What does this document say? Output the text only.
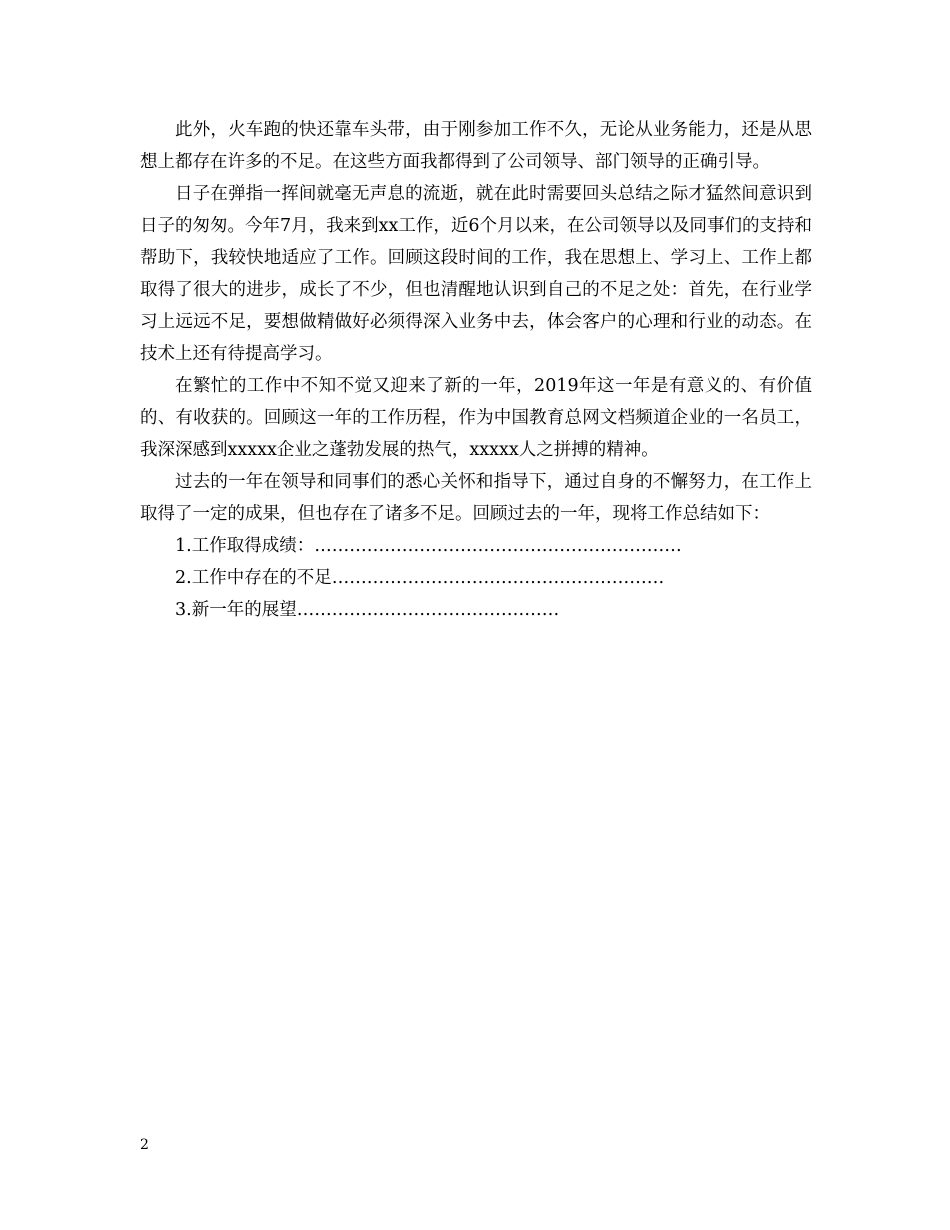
此外，火车跑的快还靠车头带，由于刚参加工作不久，无论从业务能力，还是从思想上都存在许多的不足。在这些方面我都得到了公司领导、部门领导的正确引导。

日子在弹指一挥间就毫无声息的流逝，就在此时需要回头总结之际才猛然间意识到日子的匆匆。今年7月，我来到xx工作，近6个月以来，在公司领导以及同事们的支持和帮助下，我较快地适应了工作。回顾这段时间的工作，我在思想上、学习上、工作上都取得了很大的进步，成长了不少，但也清醒地认识到自己的不足之处：首先，在行业学习上远远不足，要想做精做好必须得深入业务中去，体会客户的心理和行业的动态。在技术上还有待提高学习。

在繁忙的工作中不知不觉又迎来了新的一年，2019年这一年是有意义的、有价值的、有收获的。回顾这一年的工作历程，作为中国教育总网文档频道企业的一名员工，我深深感到xxxxx企业之蓬勃发展的热气，xxxxx人之拼搏的精神。

过去的一年在领导和同事们的悉心关怀和指导下，通过自身的不懈努力，在工作上取得了一定的成果，但也存在了诸多不足。回顾过去的一年，现将工作总结如下：

1.工作取得成绩：………………………………………………………

2.工作中存在的不足…………………………………………………

3.新一年的展望………………………………………

2
